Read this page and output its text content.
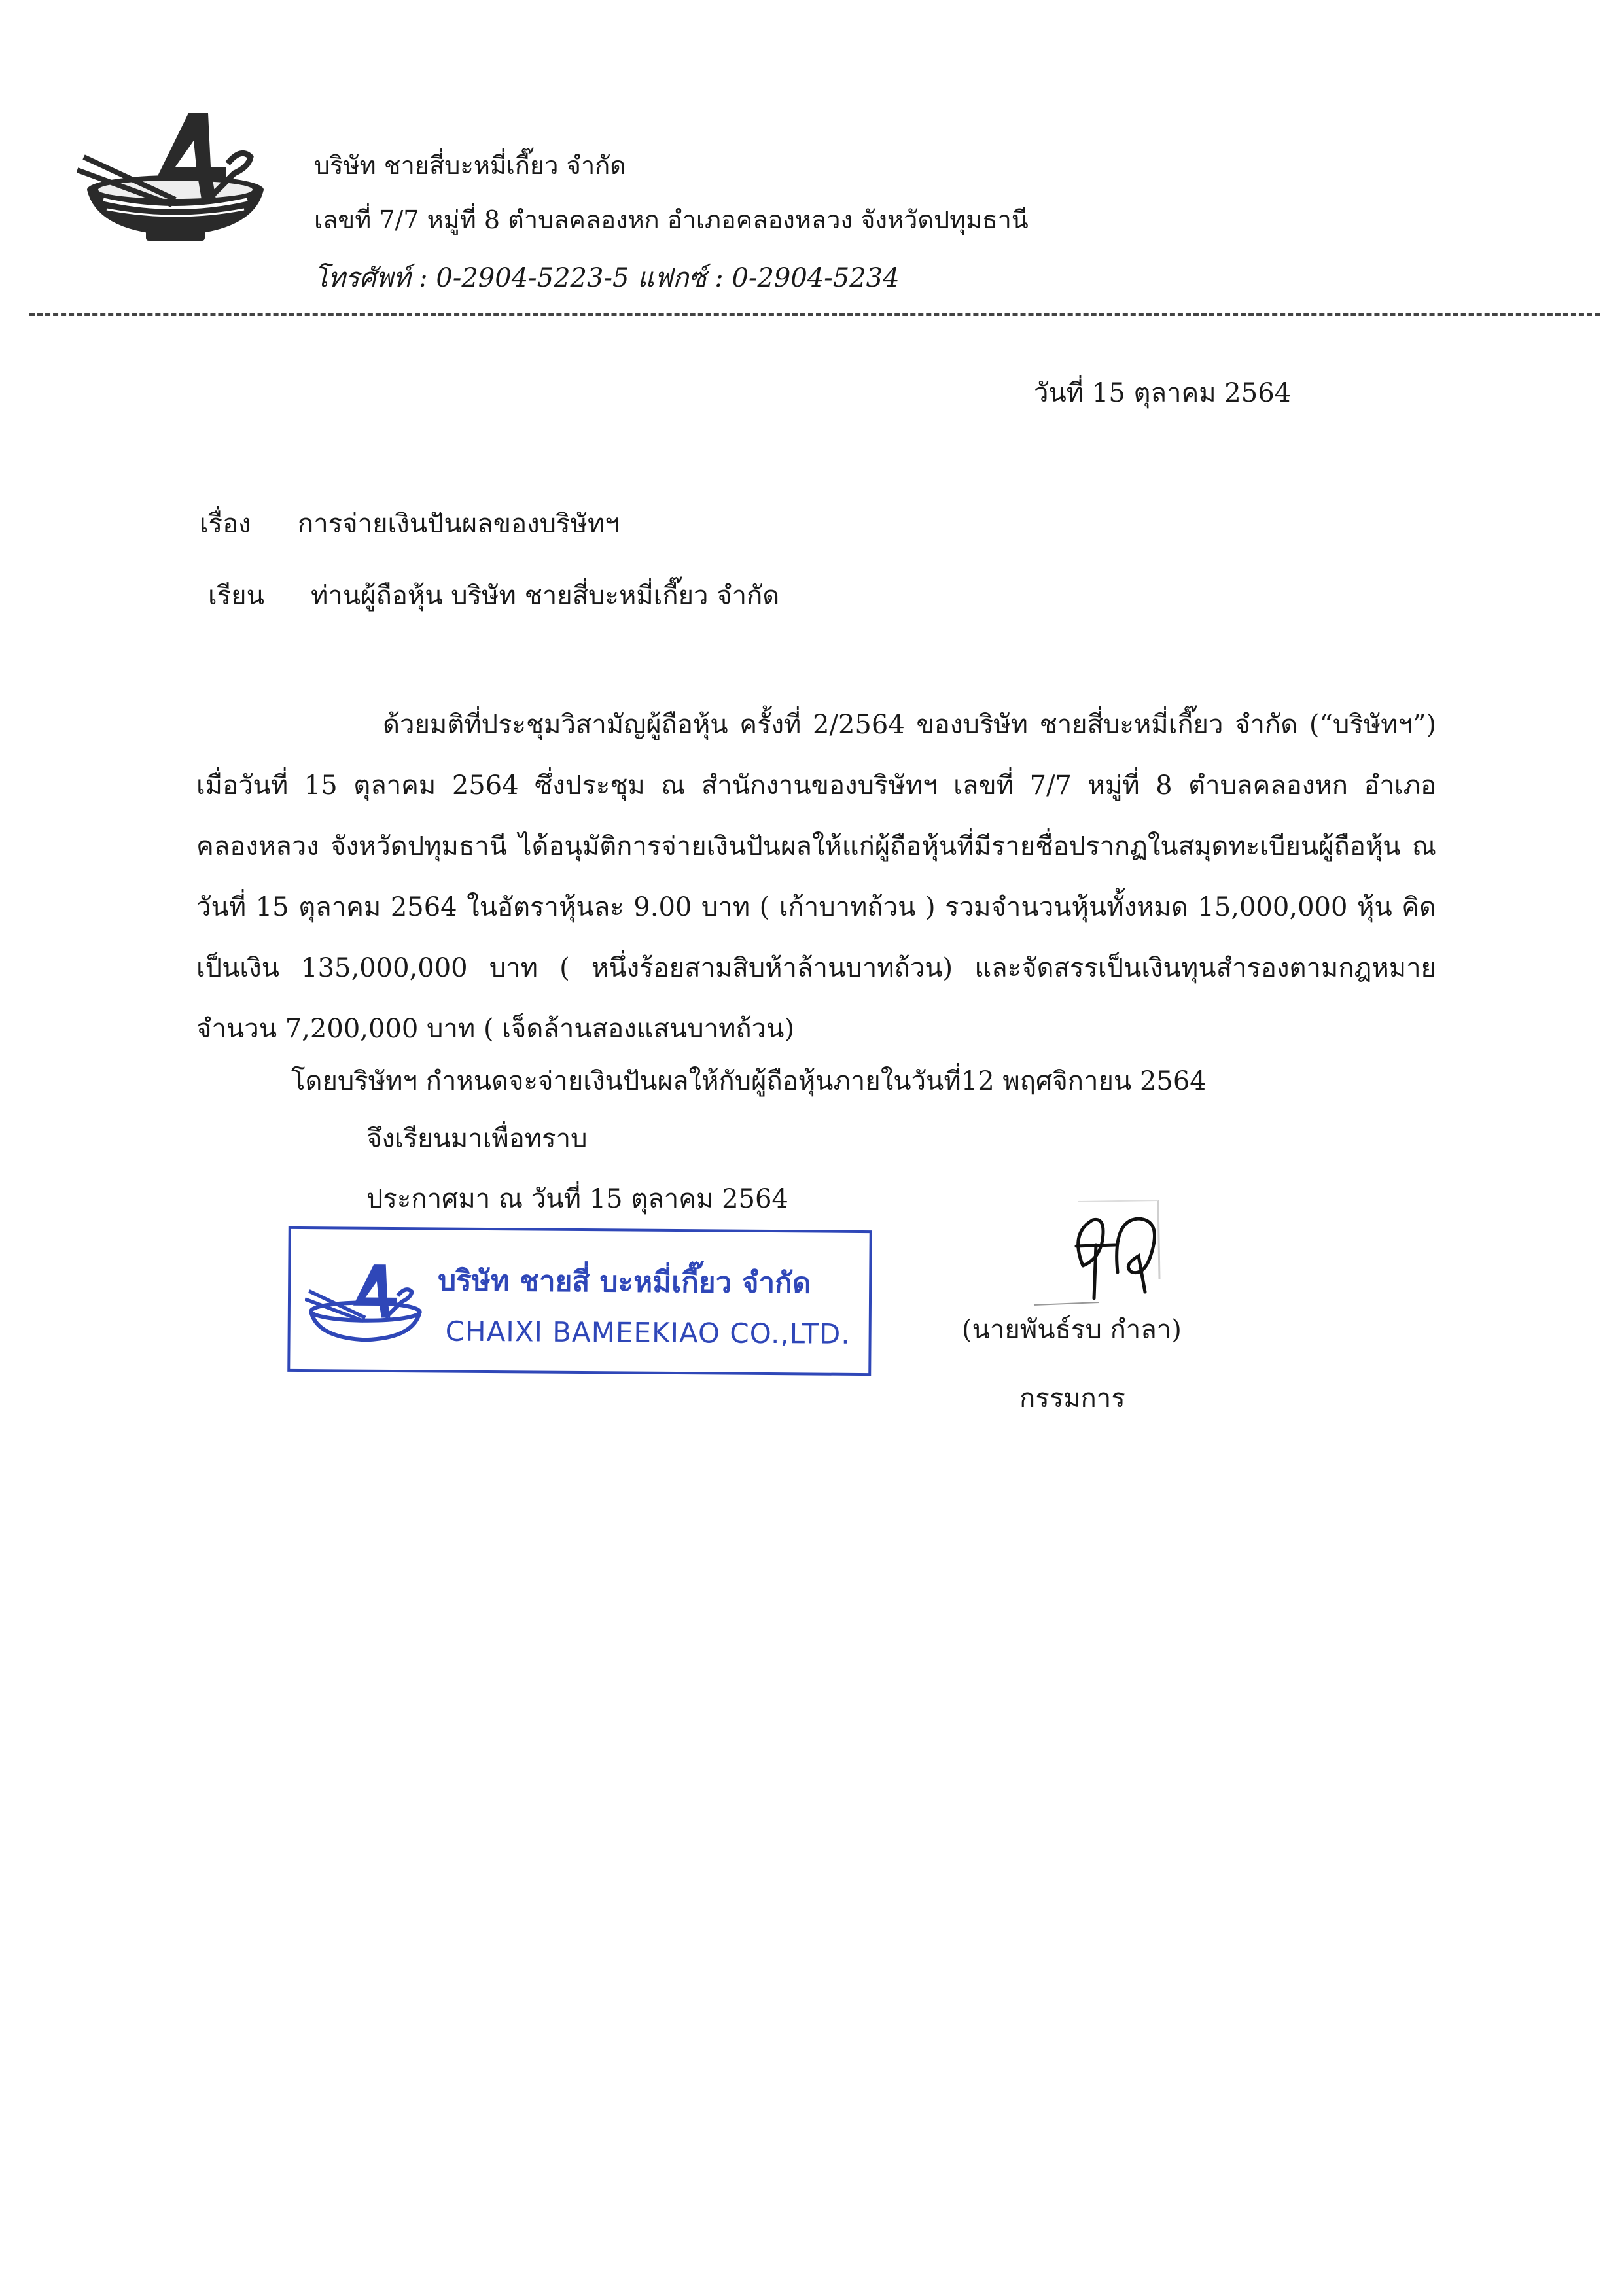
บริษัท ชายสี่บะหมี่เกี๊ยว จำกัด
เลขที่ 7/7 หมู่ที่ 8 ตำบลคลองหก อำเภอคลองหลวง จังหวัดปทุมธานี
โทรศัพท์ : 0-2904-5223-5 แฟกซ์ : 0-2904-5234
วันที่ 15 ตุลาคม 2564
เรื่อง การจ่ายเงินปันผลของบริษัทฯ
เรียน ท่านผู้ถือหุ้น บริษัท ชายสี่บะหมี่เกี๊ยว จำกัด

ด้วยมติที่ประชุมวิสามัญผู้ถือหุ้น ครั้งที่ 2/2564 ของบริษัท ชายสี่บะหมี่เกี๊ยว จำกัด (“บริษัทฯ”) เมื่อวันที่ 15 ตุลาคม 2564 ซึ่งประชุม ณ สำนักงานของบริษัทฯ เลขที่ 7/7 หมู่ที่ 8 ตำบลคลองหก อำเภอคลองหลวง จังหวัดปทุมธานี ได้อนุมัติการจ่ายเงินปันผลให้แก่ผู้ถือหุ้นที่มีรายชื่อปรากฏในสมุดทะเบียนผู้ถือหุ้น ณ วันที่ 15 ตุลาคม 2564 ในอัตราหุ้นละ 9.00 บาท ( เก้าบาทถ้วน ) รวมจำนวนหุ้นทั้งหมด 15,000,000 หุ้น คิดเป็นเงิน 135,000,000 บาท ( หนึ่งร้อยสามสิบห้าล้านบาทถ้วน) และจัดสรรเป็นเงินทุนสำรองตามกฎหมายจำนวน 7,200,000 บาท ( เจ็ดล้านสองแสนบาทถ้วน)

โดยบริษัทฯ กำหนดจะจ่ายเงินปันผลให้กับผู้ถือหุ้นภายในวันที่12 พฤศจิกายน 2564
จึงเรียนมาเพื่อทราบ
ประกาศมา ณ วันที่ 15 ตุลาคม 2564
บริษัท ชายสี่ บะหมี่เกี๊ยว จำกัด
CHAIXI BAMEEKIAO CO.,LTD.	(นายพันธ์รบ กำลา)
กรรมการ
